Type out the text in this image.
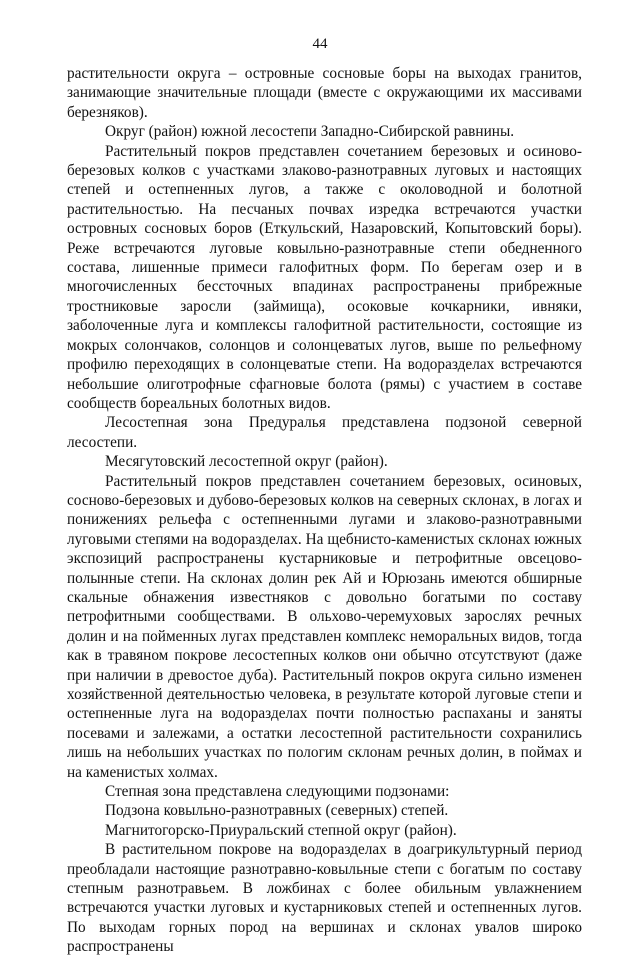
44

растительности округа – островные сосновые боры на выходах гранитов, занимающие значительные площади (вместе с окружающими их массивами березняков).

Округ (район) южной лесостепи Западно-Сибирской равнины.

Растительный покров представлен сочетанием березовых и осиново-березовых колков с участками злаково-разнотравных луговых и настоящих степей и остепненных лугов, а также с околоводной и болотной растительностью. На песчаных почвах изредка встречаются участки островных сосновых боров (Еткульский, Назаровский, Копытовский боры). Реже встречаются луговые ковыльно-разнотравные степи обедненного состава, лишенные примеси галофитных форм. По берегам озер и в многочисленных бессточных впадинах распространены прибрежные тростниковые заросли (займища), осоковые кочкарники, ивняки, заболоченные луга и комплексы галофитной растительности, состоящие из мокрых солончаков, солонцов и солонцеватых лугов, выше по рельефному профилю переходящих в солонцеватые степи. На водоразделах встречаются небольшие олиготрофные сфагновые болота (рямы) с участием в составе сообществ бореальных болотных видов.

Лесостепная зона Предуралья представлена подзоной северной лесостепи.

Месягутовский лесостепной округ (район).

Растительный покров представлен сочетанием березовых, осиновых, сосново-березовых и дубово-березовых колков на северных склонах, в логах и понижениях рельефа с остепненными лугами и злаково-разнотравными луговыми степями на водоразделах. На щебнисто-каменистых склонах южных экспозиций распространены кустарниковые и петрофитные овсецово-полынные степи. На склонах долин рек Ай и Юрюзань имеются обширные скальные обнажения известняков с довольно богатыми по составу петрофитными сообществами. В ольхово-черемуховых зарослях речных долин и на пойменных лугах представлен комплекс неморальных видов, тогда как в травяном покрове лесостепных колков они обычно отсутствуют (даже при наличии в древостое дуба). Растительный покров округа сильно изменен хозяйственной деятельностью человека, в результате которой луговые степи и остепненные луга на водоразделах почти полностью распаханы и заняты посевами и залежами, а остатки лесостепной растительности сохранились лишь на небольших участках по пологим склонам речных долин, в поймах и на каменистых холмах.

Степная зона представлена следующими подзонами:

Подзона ковыльно-разнотравных (северных) степей.

Магнитогорско-Приуральский степной округ (район).

В растительном покрове на водоразделах в доагрикультурный период преобладали настоящие разнотравно-ковыльные степи с богатым по составу степным разнотравьем. В ложбинах с более обильным увлажнением встречаются участки луговых и кустарниковых степей и остепненных лугов. По выходам горных пород на вершинах и склонах увалов широко распространены
